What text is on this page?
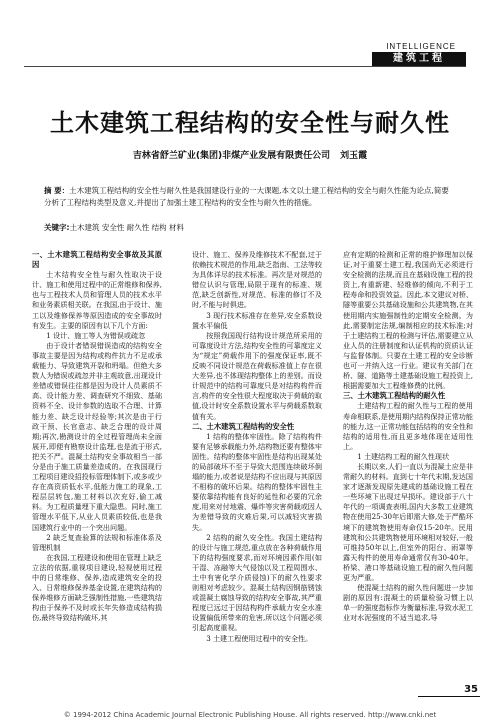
INTELLIGENCE
建筑工程
土木建筑工程结构的安全性与耐久性
吉林省舒兰矿业(集团)非煤产业发展有限责任公司 刘玉霞
摘 要：土木建筑工程结构的安全性与耐久性是我国建设行业的一大课题,本文以土建工程结构的安全与耐久性能为论点,简要分析了工程结构类型及意义,并提出了加强土建工程结构的安全性与耐久性的措施。
关键字:土木建筑 安全性 耐久性 结构 材料
一、土木建筑工程结构安全事故及其原因

土木结构安全性与耐久性取决于设计、施工和使用过程中的正常维修和保养,也与工程技术人员和管理人员的技术水平和业务素质相关联。在我国,由于设计、施工以及维修保养等原因造成的安全事故时有发生。主要的原因有以下几个方面:

1 设计、施工等人为错误或疏忽

由于设计者错误错误造成的结构安全事故主要是因为结构或构件抗力不足或承载能力、导致建筑开裂和坍塌。但绝大多数人为错误或疏忽并非主观故意,出现设计差错或错误往往都是因为设计人员素质不高、设计能力差、调查研究不细致、基础资料不全、设计参数的选取不合理、计算能力差、缺乏设计经验等;其次是由于行政干预、长官意志、缺乏合理的设计周期;再次,勘测设计的全过程管理尚未全面展开,即便有勘察设计监理,也是流于形式,把关不严。混凝土结构安全事故相当一部分是由于施工质量差造成的。在我国现行工程项目建设招投标管理体制下,或多或少存在高资质低水平,低能力施工的现象,工程层层转包,施工材料以次充好,偷工减料。为工程质量埋下重大隐患。同时,施工管理水平低下,从业人员素质较低,也是我国建筑行业中的一个突出问题。

2 缺乏复查验算的法规和标准体系及管理机制

在我国,工程建设和使用在管理上缺乏立法的依据,重视项目建设,轻视使用过程中的日常维修、保养,造成建筑安全的投入、日常维修保养基金设置,在建筑结构的保养维修方面缺乏强制性措施,一些建筑结构由于保养不及时或长年失修造成结构损伤,最终导致结构破坏,其

设计、施工、保养及维修技术不配套,过于依赖技术规范的作用,缺乏指南、工法等较为具体详尽的技术标准。再次是对规范的错位认识与管理,局限于现有的标准、规范,缺乏创新性,对规范、标准的修订不及时,不能与时俱进。

3 现行技术标准存在差异,安全系数设置水平偏低

按照我国现行结构设计规范所采用的可靠度设计方法,结构安全性的可靠度定义为“规定”荷载作用下的强度保证率,既不反映不同设计规范在荷载标准值上存在很大差异,也不体现结构整体上的差别。而设计规范中的结构可靠度只是对结构构件而言,构件的安全性很大程度取决于荷载的取值,设计时安全系数设置水平与荷载系数取值有关。

二、土木建筑工程结构的安全性

1 结构的整体牢固性。除了结构构件要有足够承载能力外,结构物还要有整体牢固性。结构的整体牢固性是结构出现某处的局部破坏不至于导致大范围连续破坏倒塌的能力,或者说是结构不应出现与其原因不相称的破坏后果。结构的整体牢固性主要依靠结构能有良好的延性和必要的冗余度,用来对付地震、爆炸等灾害荷载或因人为差错导致的灾难后果,可以减轻灾害损失。

2 结构的耐久安全性。我国土建结构的设计与施工规范,重点放在各种荷载作用下的结构强度要求,而对环境因素作用(如干湿、冻融等大气侵蚀以及工程周围水、土中有害化学介质侵蚀)下的耐久性要求则相对考虑较少。混凝土结构因钢筋锈蚀或混凝土腐蚀导致的结构安全事故,其严重程度已远过于因结构构件承载力安全水准设置偏低所带来的危害,所以这个问题必须引起高度重视。

3 土建工程使用过程中的安全性。

应有定期的检测和正常的维护修理加以保证,对于重要土建工程,我国尚无必须进行安全检测的法规,而且在基础设施工程的投资上,有重新建、轻维修的倾向,不利于工程寿命和投资效益。因此,本文建议对桥、隧等重要公共基础设施和公共建筑物,在其使用期内实施强制性的定期安全检测。为此,需要制定法规,编制相应的技术标准;对于土建结构工程的检测与评估,需要建立从业人员的注册制度和认证机构的资质认证与监督体制。只要在土建工程的安全诊断也可一并纳入这一行业。建议有关部门在桥、隧、道路等土建基础设施工程投资上,根据需要加大工程维修费的比例。

三、土木建筑工程结构的耐久性

土建结构工程的耐久性与工程的使用寿命相联系,是使用期内结构保持正常功能的能力,这一正常功能包括结构的安全性和结构的适用性,而且更多地体现在适用性上。

1 土建结构工程的耐久性现状

长期以来,人们一直以为混凝土应是非常耐久的材料。直到七十年代末期,发达国家才逐渐发现原先建成的基础设施工程在一些环境下出现过早损坏。建设部于八十年代的一项调查表明,国内大多数工业建筑物在使用25-30年后即需大修,处于严酷环境下的建筑物使用寿命仅15-20年。民用建筑和公共建筑物使用环境相对较好,一般可维持50年以上,但室外的阳台、雨罩等露天构件的使用寿命通常仅有30-40年。桥梁、港口等基础设施工程的耐久性问题更为严重。

使混凝土结构的耐久性问题进一步加剧的原因有:混凝土的质量检验习惯上以单一的强度指标作为衡量标准,导致水泥工业对水泥强度的不适当追求,导

35
© 1994-2012 China Academic Journal Electronic Publishing House. All rights reserved. http://www.cnki.net
